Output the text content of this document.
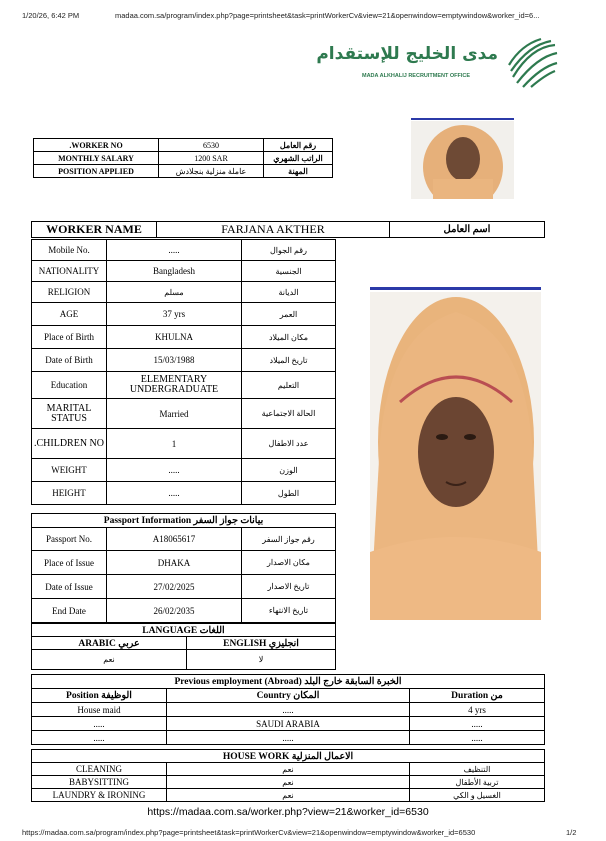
1/20/26, 6:42 PM	madaa.com.sa/program/index.php?page=printsheet&task=printWorkerCv&view=21&openwindow=emptywindow&worker_id=6...
مدى الخليج للإستقدام
MADA ALKHALIJ RECRUITMENT OFFICE
.WORKER NO	6530	رقم العامل
MONTHLY SALARY	1200 SAR	الراتب الشهري
POSITION APPLIED	عاملة منزلية بنجلادش	المهنة
WORKER NAME	FARJANA AKTHER	اسم العامل
Mobile No.	.....	رقم الجوال
NATIONALITY	Bangladesh	الجنسية
RELIGION	مسلم	الديانة
AGE	37 yrs	العمر
Place of Birth	KHULNA	مكان الميلاد
Date of Birth	15/03/1988	تاريخ الميلاد
Education	ELEMENTARY UNDERGRADUATE	التعليم
MARITAL STATUS	Married	الحالة الاجتماعية
.CHILDREN NO	1	عدد الاطفال
WEIGHT	.....	الوزن
HEIGHT	.....	الطول
Passport Information بيانات جواز السفر		
Passport No.	A18065617	رقم جواز السفر
Place of Issue	DHAKA	مكان الاصدار
Date of Issue	27/02/2025	تاريخ الاصدار
End Date	26/02/2035	تاريخ الانتهاء
LANGUAGE اللغات	
ARABIC عربي	ENGLISH انجليزي
نعم	لا
Previous employment (Abroad) الخبرة السابقة خارج البلد		
Position الوظيفة	Country المكان	Duration من
House maid	.....	4 yrs
.....	SAUDI ARABIA	.....
.....	.....	.....
HOUSE WORK الاعمال المنزلية		
CLEANING	نعم	التنظيف
BABYSITTING	نعم	تربية الأطفال
LAUNDRY & IRONING	نعم	الغسيل و الكي
https://madaa.com.sa/worker.php?view=21&worker_id=6530
https://madaa.com.sa/program/index.php?page=printsheet&task=printWorkerCv&view=21&openwindow=emptywindow&worker_id=6530	1/2
